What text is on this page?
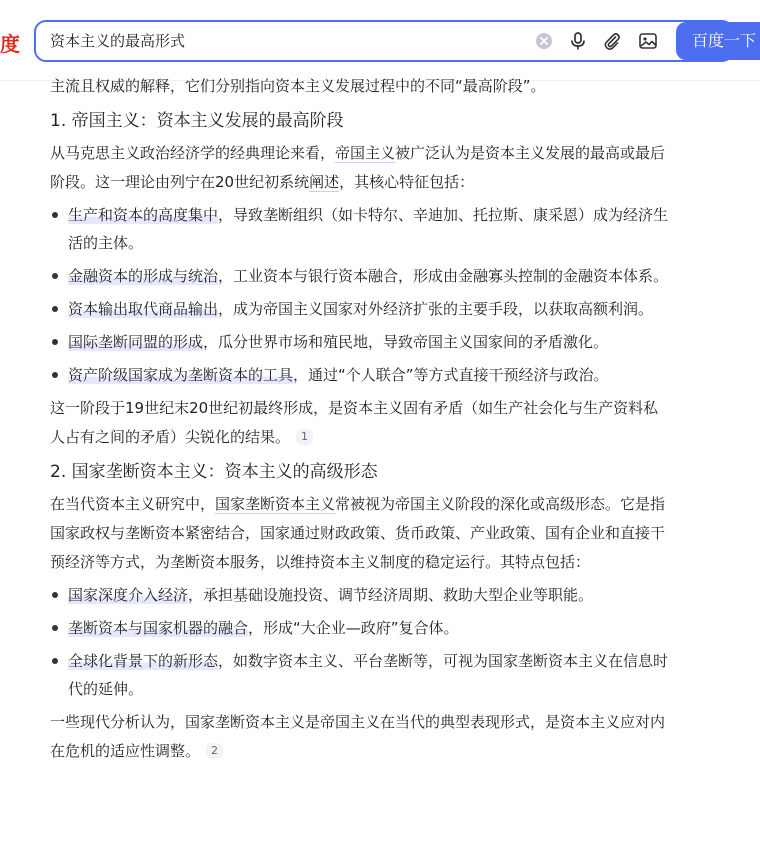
度 资本主义的最高形式	百度一下

主流且权威的解释，它们分别指向资本主义发展过程中的不同“最高阶段”。

1. 帝国主义：资本主义发展的最高阶段

从马克思主义政治经济学的经典理论来看，帝国主义被广泛认为是资本主义发展的最高或最后阶段。这一理论由列宁在20世纪初系统阐述，其核心特征包括：

生产和资本的高度集中，导致垄断组织（如卡特尔、辛迪加、托拉斯、康采恩）成为经济生活的主体。
金融资本的形成与统治，工业资本与银行资本融合，形成由金融寡头控制的金融资本体系。
资本输出取代商品输出，成为帝国主义国家对外经济扩张的主要手段，以获取高额利润。
国际垄断同盟的形成，瓜分世界市场和殖民地，导致帝国主义国家间的矛盾激化。
资产阶级国家成为垄断资本的工具，通过“个人联合”等方式直接干预经济与政治。

这一阶段于19世纪末20世纪初最终形成，是资本主义固有矛盾（如生产社会化与生产资料私人占有之间的矛盾）尖锐化的结果。 1

2. 国家垄断资本主义：资本主义的高级形态

在当代资本主义研究中，国家垄断资本主义常被视为帝国主义阶段的深化或高级形态。它是指国家政权与垄断资本紧密结合，国家通过财政政策、货币政策、产业政策、国有企业和直接干预经济等方式，为垄断资本服务，以维持资本主义制度的稳定运行。其特点包括：

国家深度介入经济，承担基础设施投资、调节经济周期、救助大型企业等职能。
垄断资本与国家机器的融合，形成“大企业—政府”复合体。
全球化背景下的新形态，如数字资本主义、平台垄断等，可视为国家垄断资本主义在信息时代的延伸。

一些现代分析认为，国家垄断资本主义是帝国主义在当代的典型表现形式，是资本主义应对内在危机的适应性调整。 2
